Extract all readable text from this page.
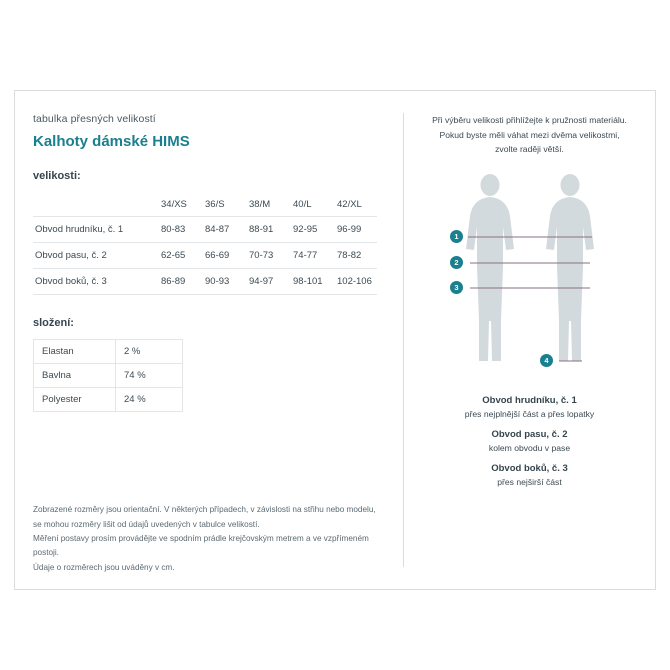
tabulka přesných velikostí

Kalhoty dámské HIMS

velikosti:

	34/XS	36/S	38/M	40/L	42/XL
Obvod hrudníku, č. 1	80-83	84-87	88-91	92-95	96-99
Obvod pasu, č. 2	62-65	66-69	70-73	74-77	78-82
Obvod boků, č. 3	86-89	90-93	94-97	98-101	102-106

složení:

Elastan	2 %
Bavlna	74 %
Polyester	24 %
Zobrazené rozměry jsou orientační. V některých případech, v závislosti na střihu nebo modelu,
se mohou rozměry lišit od údajů uvedených v tabulce velikostí.
Měření postavy prosím provádějte ve spodním prádle krejčovským metrem a ve vzpřímeném postoji.
Údaje o rozměrech jsou uváděny v cm.
Při výběru velikosti přihlížejte k pružnosti materiálu.
Pokud byste měli váhat mezi dvěma velikostmi,
zvolte raději větší.
1
2
3
4
Obvod hrudníku, č. 1
přes nejplnější část a přes lopatky
Obvod pasu, č. 2
kolem obvodu v pase
Obvod boků, č. 3
přes nejširší část
